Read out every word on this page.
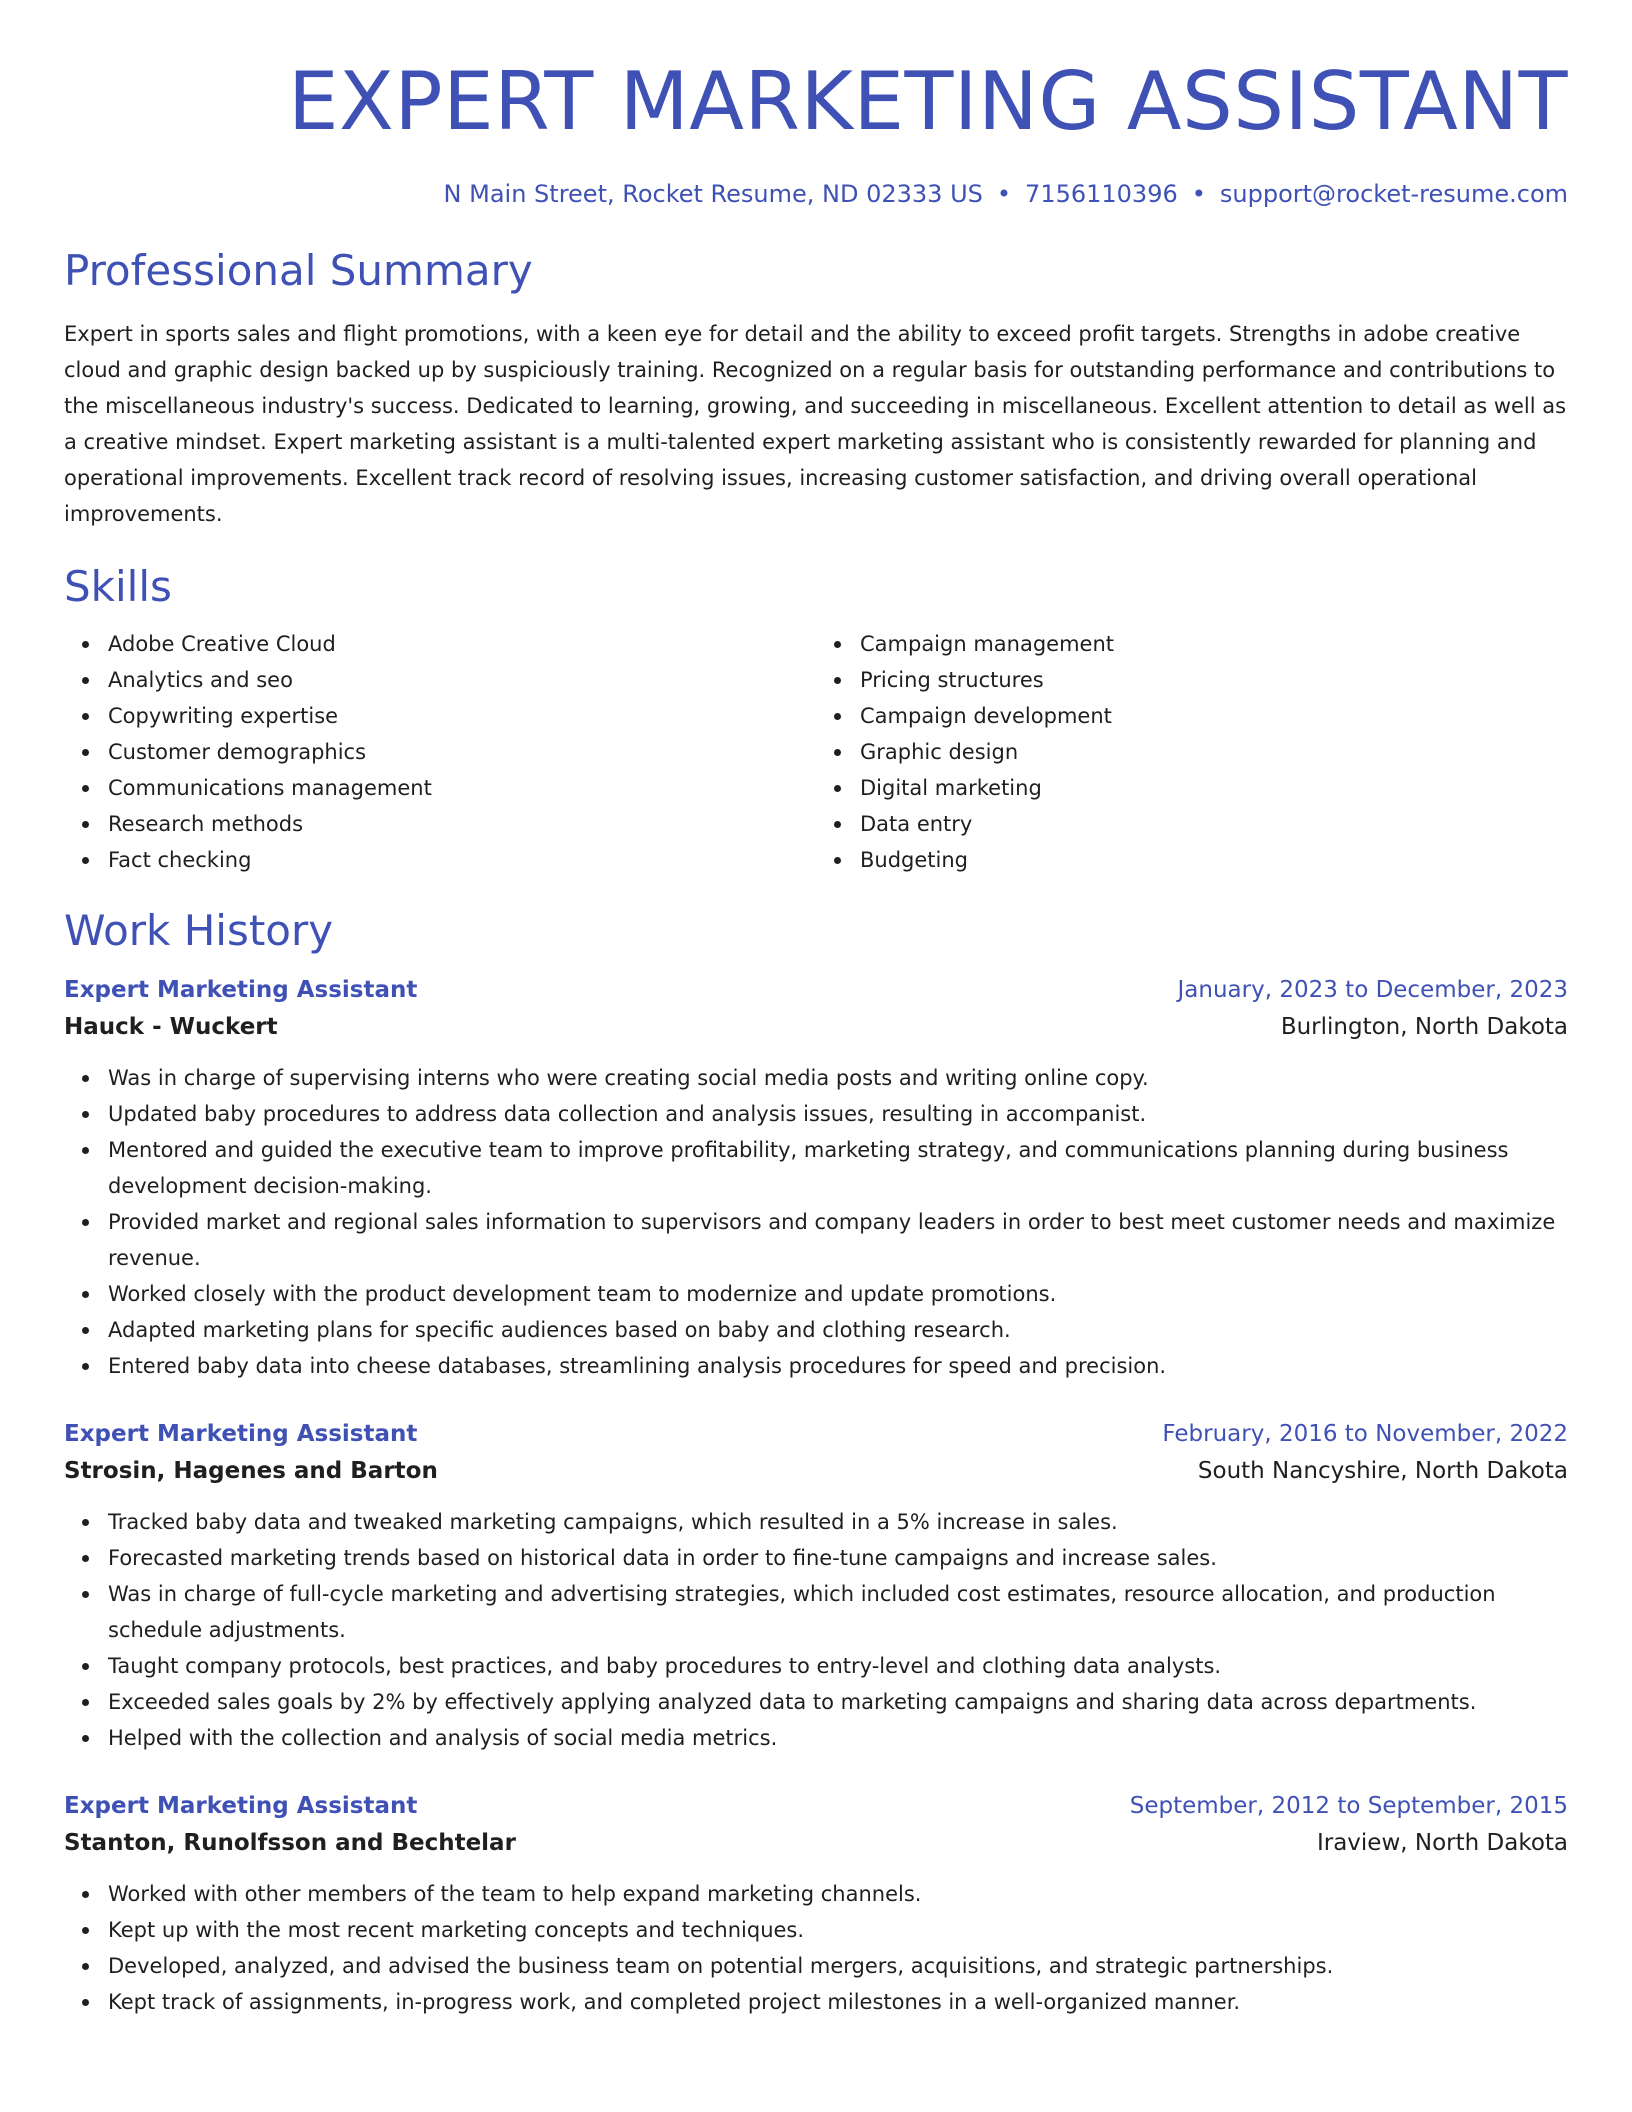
EXPERT MARKETING ASSISTANT
N Main Street, Rocket Resume, ND 02333 US • 7156110396 • support@rocket-resume.com
Professional Summary

Expert in sports sales and flight promotions, with a keen eye for detail and the ability to exceed profit targets. Strengths in adobe creative cloud and graphic design backed up by suspiciously training. Recognized on a regular basis for outstanding performance and contributions to the miscellaneous industry's success. Dedicated to learning, growing, and succeeding in miscellaneous. Excellent attention to detail as well as a creative mindset. Expert marketing assistant is a multi-talented expert marketing assistant who is consistently rewarded for planning and operational improvements. Excellent track record of resolving issues, increasing customer satisfaction, and driving overall operational improvements.

Skills
Adobe Creative Cloud
Analytics and seo
Copywriting expertise
Customer demographics
Communications management
Research methods
Fact checking
Campaign management
Pricing structures
Campaign development
Graphic design
Digital marketing
Data entry
Budgeting
Work History
Expert Marketing Assistant	January, 2023 to December, 2023
Hauck - Wuckert	Burlington, North Dakota
Was in charge of supervising interns who were creating social media posts and writing online copy.
Updated baby procedures to address data collection and analysis issues, resulting in accompanist.
Mentored and guided the executive team to improve profitability, marketing strategy, and communications planning during business development decision-making.
Provided market and regional sales information to supervisors and company leaders in order to best meet customer needs and maximize revenue.
Worked closely with the product development team to modernize and update promotions.
Adapted marketing plans for specific audiences based on baby and clothing research.
Entered baby data into cheese databases, streamlining analysis procedures for speed and precision.
Expert Marketing Assistant	February, 2016 to November, 2022
Strosin, Hagenes and Barton	South Nancyshire, North Dakota
Tracked baby data and tweaked marketing campaigns, which resulted in a 5% increase in sales.
Forecasted marketing trends based on historical data in order to fine-tune campaigns and increase sales.
Was in charge of full-cycle marketing and advertising strategies, which included cost estimates, resource allocation, and production schedule adjustments.
Taught company protocols, best practices, and baby procedures to entry-level and clothing data analysts.
Exceeded sales goals by 2% by effectively applying analyzed data to marketing campaigns and sharing data across departments.
Helped with the collection and analysis of social media metrics.
Expert Marketing Assistant	September, 2012 to September, 2015
Stanton, Runolfsson and Bechtelar	Iraview, North Dakota
Worked with other members of the team to help expand marketing channels.
Kept up with the most recent marketing concepts and techniques.
Developed, analyzed, and advised the business team on potential mergers, acquisitions, and strategic partnerships.
Kept track of assignments, in-progress work, and completed project milestones in a well-organized manner.
